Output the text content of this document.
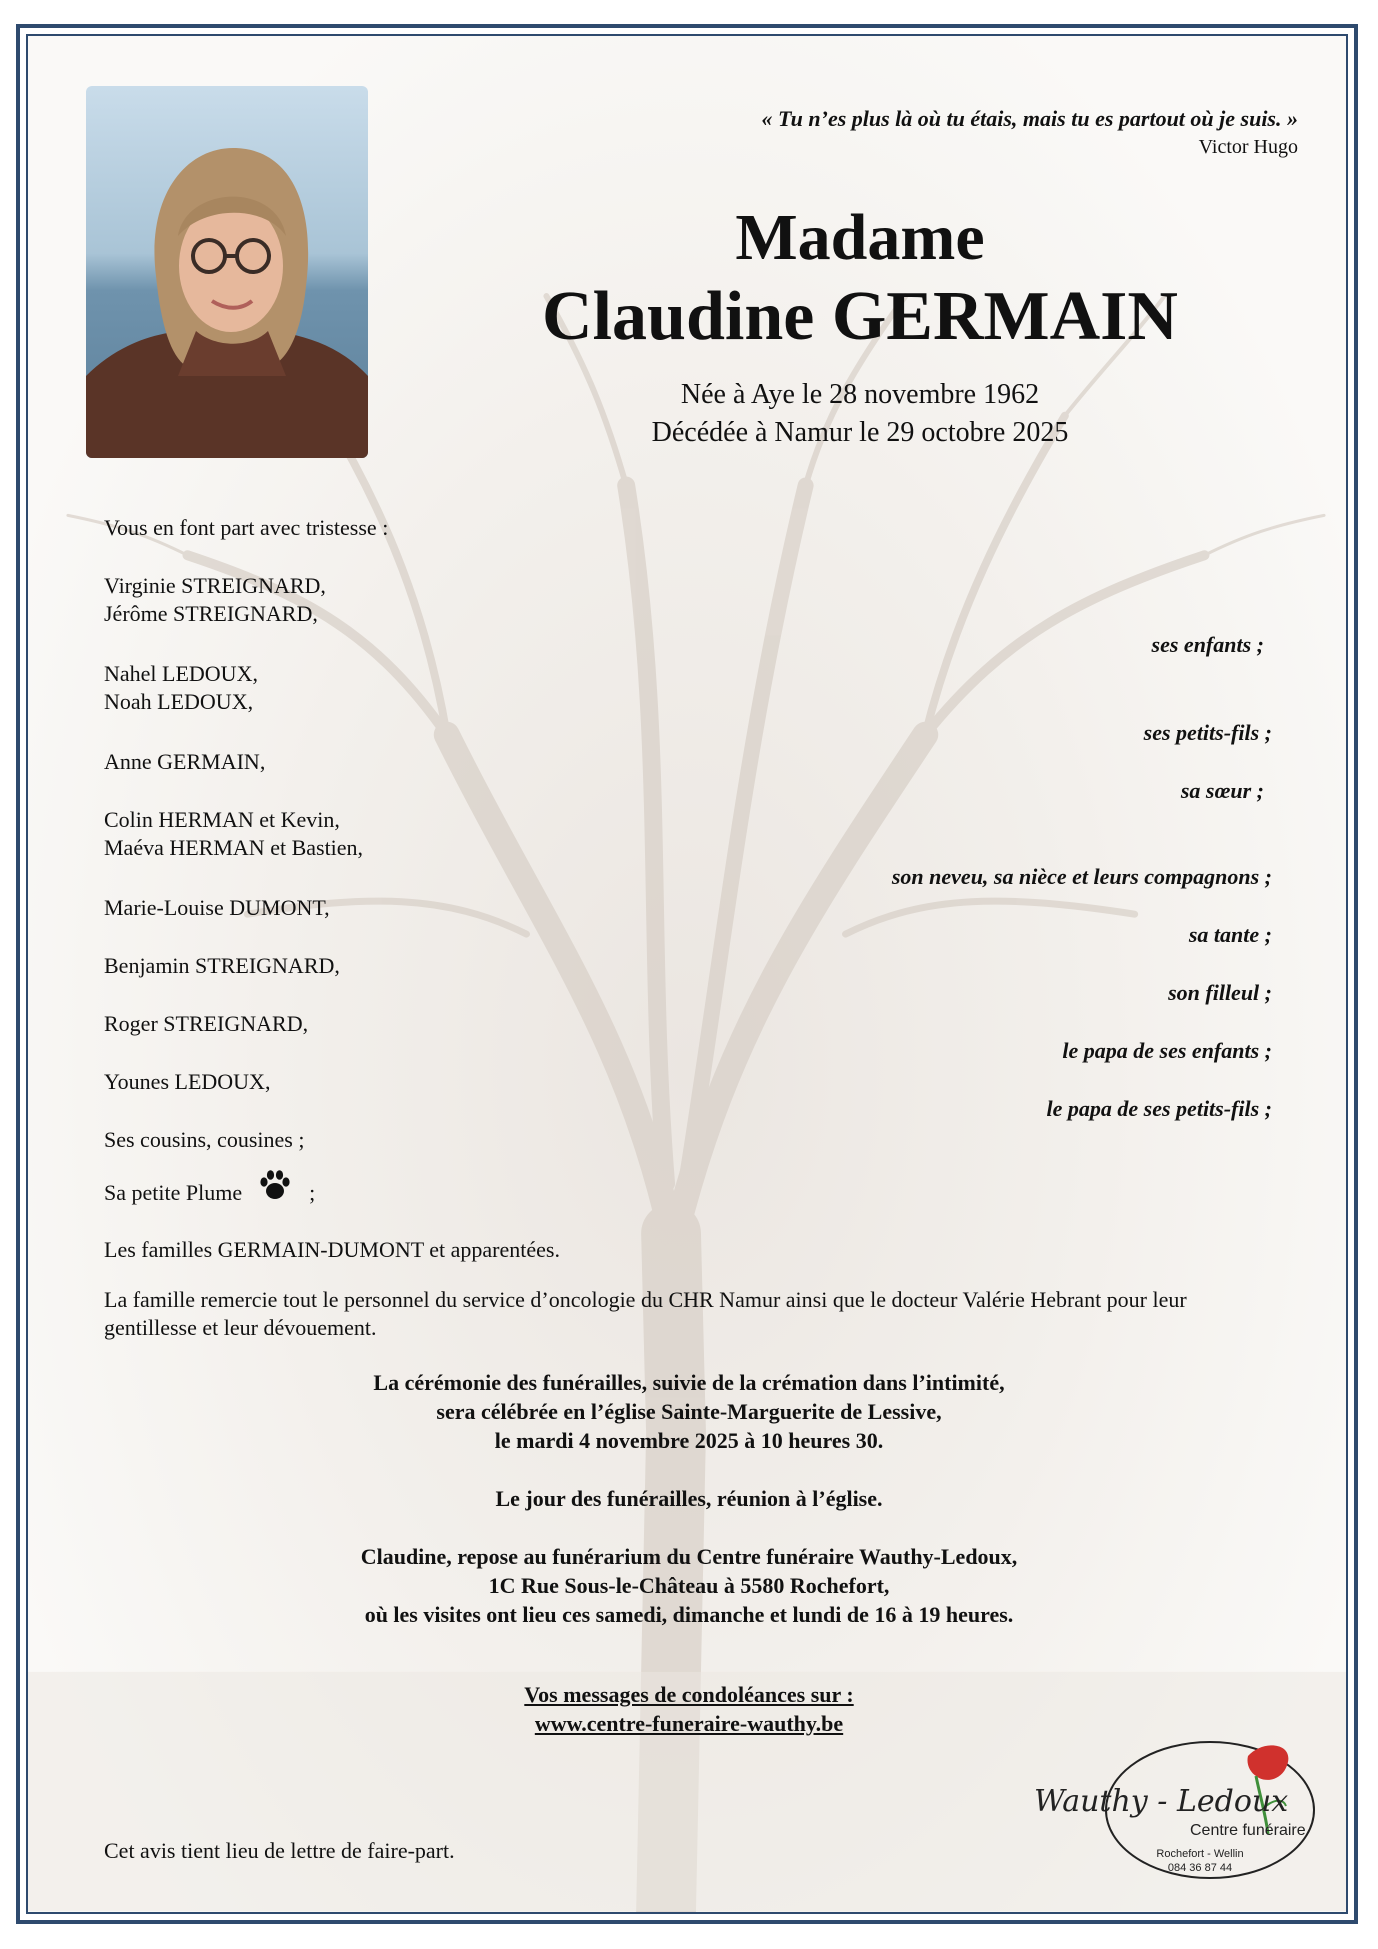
« Tu n’es plus là où tu étais, mais tu es partout où je suis. »
Victor Hugo
Madame
Claudine GERMAIN
Née à Aye le 28 novembre 1962
Décédée à Namur le 29 octobre 2025
Vous en font part avec tristesse :
Virginie STREIGNARD,
Jérôme STREIGNARD,
ses enfants ;
Nahel LEDOUX,
Noah LEDOUX,
ses petits-fils ;
Anne GERMAIN,
sa sœur ;
Colin HERMAN et Kevin,
Maéva HERMAN et Bastien,
son neveu, sa nièce et leurs compagnons ;
Marie-Louise DUMONT,
sa tante ;
Benjamin STREIGNARD,
son filleul ;
Roger STREIGNARD,
le papa de ses enfants ;
Younes LEDOUX,
le papa de ses petits-fils ;
Ses cousins, cousines ;
Sa petite Plume	;
Les familles GERMAIN-DUMONT et apparentées.
La famille remercie tout le personnel du service d’oncologie du CHR Namur ainsi que le docteur Valérie Hebrant pour leur gentillesse et leur dévouement.
La cérémonie des funérailles, suivie de la crémation dans l’intimité,
sera célébrée en l’église Sainte-Marguerite de Lessive,
le mardi 4 novembre 2025 à 10 heures 30.
Le jour des funérailles, réunion à l’église.
Claudine, repose au funérarium du Centre funéraire Wauthy-Ledoux,
1C Rue Sous-le-Château à 5580 Rochefort,
où les visites ont lieu ces samedi, dimanche et lundi de 16 à 19 heures.
Vos messages de condoléances sur :
www.centre-funeraire-wauthy.be
Wauthy - Ledoux
Centre funéraire
Rochefort - Wellin
084 36 87 44
Cet avis tient lieu de lettre de faire-part.
